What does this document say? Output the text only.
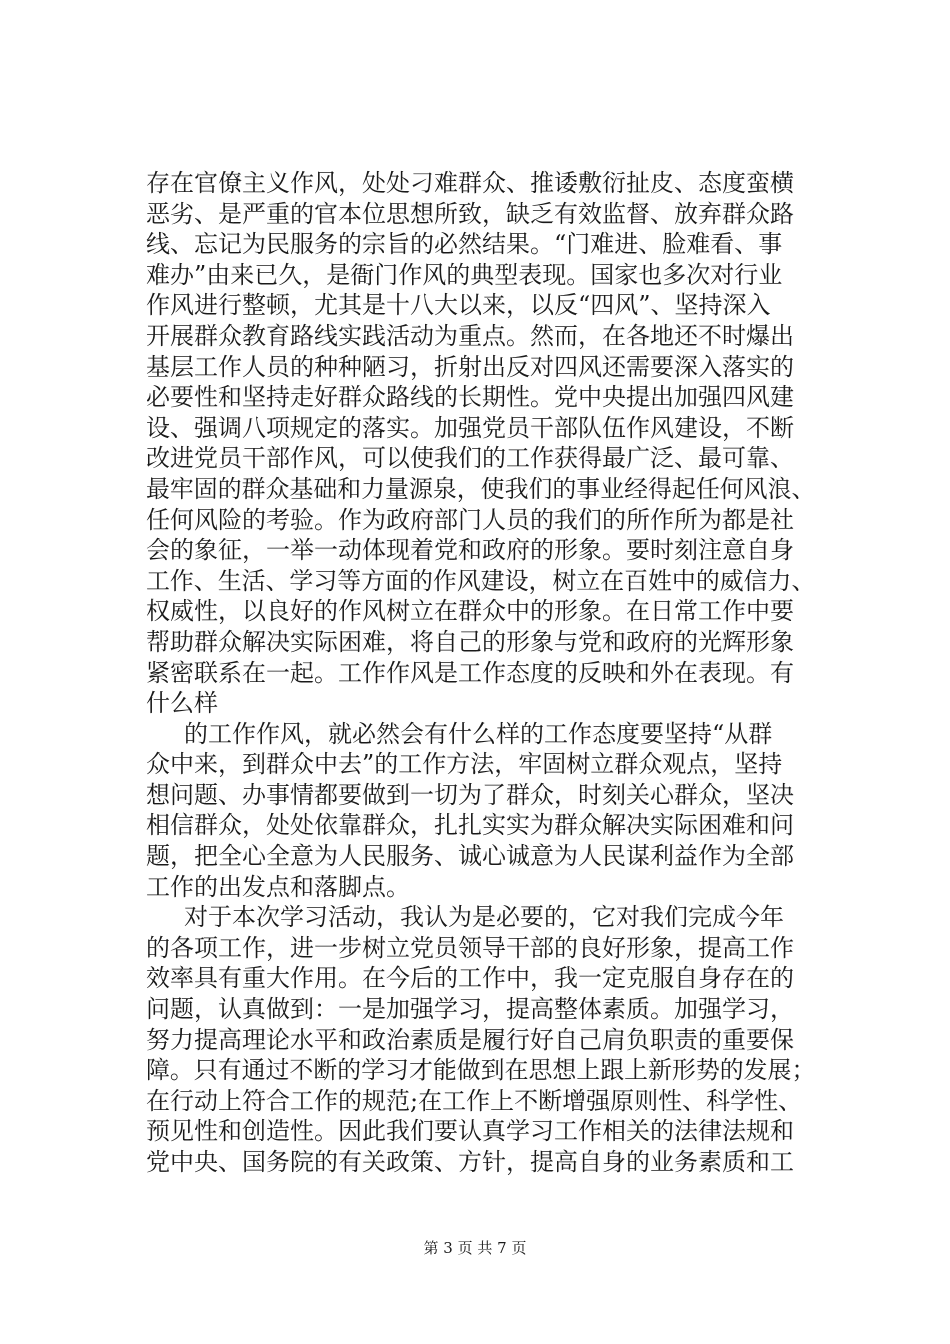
存在官僚主义作风，处处刁难群众、推诿敷衍扯皮、态度蛮横
恶劣、是严重的官本位思想所致，缺乏有效监督、放弃群众路
线、忘记为民服务的宗旨的必然结果。“门难进、脸难看、事
难办”由来已久，是衙门作风的典型表现。国家也多次对行业
作风进行整顿，尤其是十八大以来，以反“四风”、坚持深入
开展群众教育路线实践活动为重点。然而，在各地还不时爆出
基层工作人员的种种陋习，折射出反对四风还需要深入落实的
必要性和坚持走好群众路线的长期性。党中央提出加强四风建
设、强调八项规定的落实。加强党员干部队伍作风建设，不断
改进党员干部作风，可以使我们的工作获得最广泛、最可靠、
最牢固的群众基础和力量源泉，使我们的事业经得起任何风浪、
任何风险的考验。作为政府部门人员的我们的所作所为都是社
会的象征，一举一动体现着党和政府的形象。要时刻注意自身
工作、生活、学习等方面的作风建设，树立在百姓中的威信力、
权威性，以良好的作风树立在群众中的形象。在日常工作中要
帮助群众解决实际困难，将自己的形象与党和政府的光辉形象
紧密联系在一起。工作作风是工作态度的反映和外在表现。有
什么样
的工作作风，就必然会有什么样的工作态度要坚持“从群
众中来，到群众中去”的工作方法，牢固树立群众观点，坚持
想问题、办事情都要做到一切为了群众，时刻关心群众，坚决
相信群众，处处依靠群众，扎扎实实为群众解决实际困难和问
题，把全心全意为人民服务、诚心诚意为人民谋利益作为全部
工作的出发点和落脚点。
对于本次学习活动，我认为是必要的，它对我们完成今年
的各项工作，进一步树立党员领导干部的良好形象，提高工作
效率具有重大作用。在今后的工作中，我一定克服自身存在的
问题，认真做到：一是加强学习，提高整体素质。加强学习，
努力提高理论水平和政治素质是履行好自己肩负职责的重要保
障。只有通过不断的学习才能做到在思想上跟上新形势的发展；
在行动上符合工作的规范;在工作上不断增强原则性、科学性、
预见性和创造性。因此我们要认真学习工作相关的法律法规和
党中央、国务院的有关政策、方针，提高自身的业务素质和工
第 3 页 共 7 页
